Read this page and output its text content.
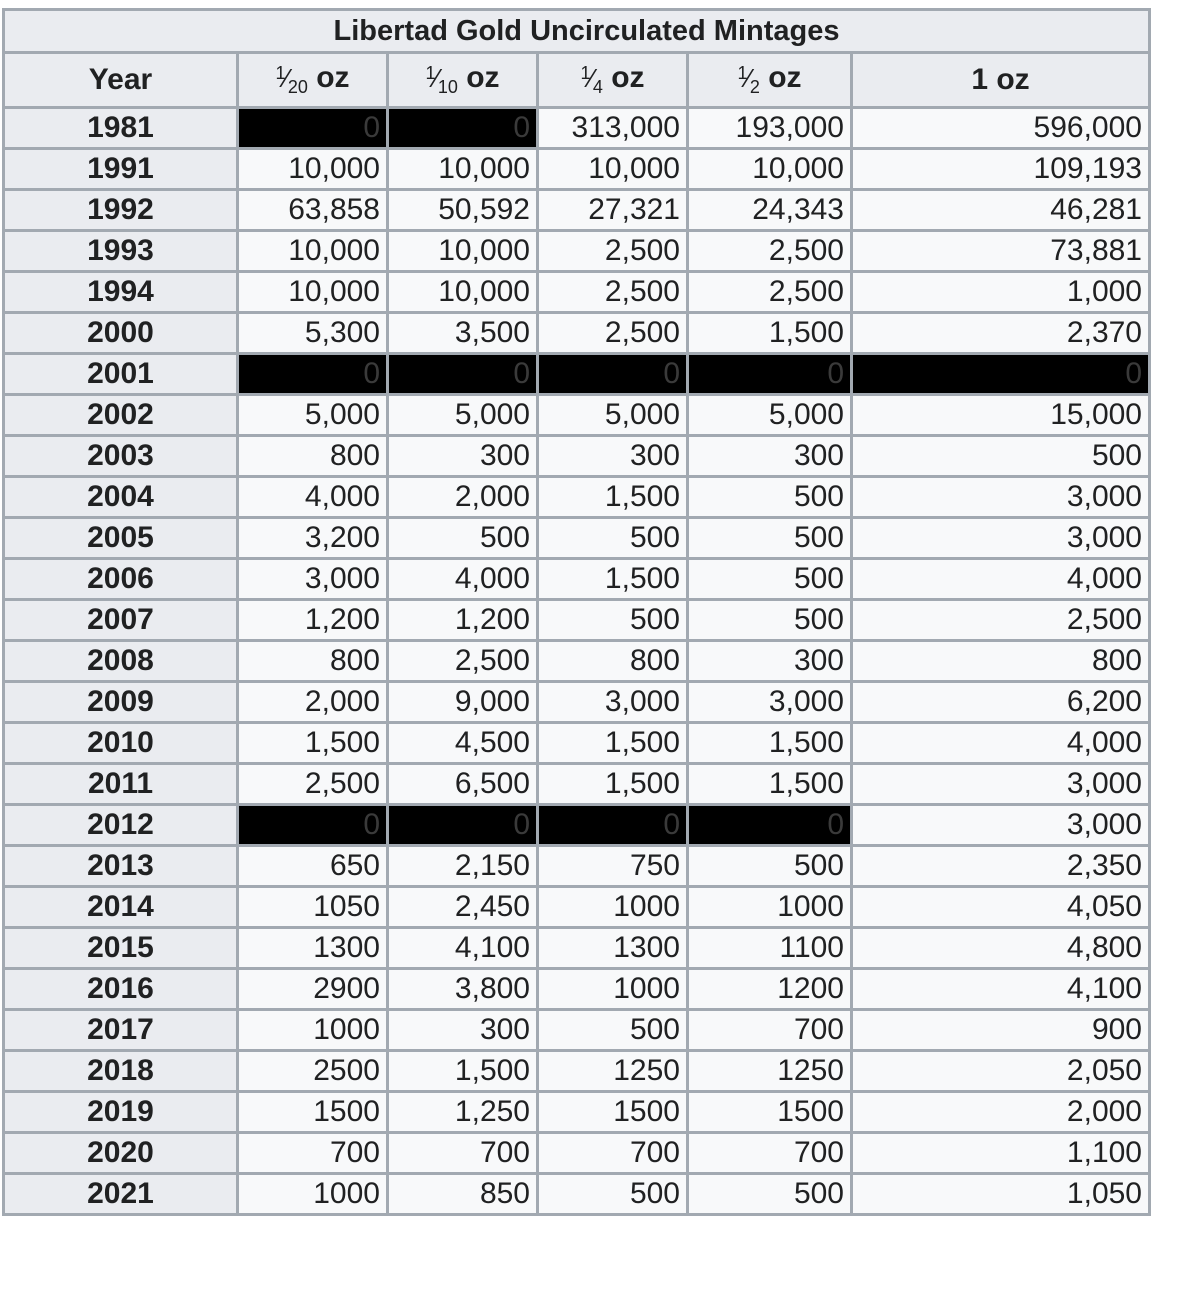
Libertad Gold Uncirculated Mintages					
Year	$^1⁄_{20}$ oz	$^1⁄_{10}$ oz	$^1⁄_4$ oz	$^1⁄_2$ oz	1 oz
1981	0	0	313,000	193,000	596,000
1991	10,000	10,000	10,000	10,000	109,193
1992	63,858	50,592	27,321	24,343	46,281
1993	10,000	10,000	2,500	2,500	73,881
1994	10,000	10,000	2,500	2,500	1,000
2000	5,300	3,500	2,500	1,500	2,370
2001	0	0	0	0	0
2002	5,000	5,000	5,000	5,000	15,000
2003	800	300	300	300	500
2004	4,000	2,000	1,500	500	3,000
2005	3,200	500	500	500	3,000
2006	3,000	4,000	1,500	500	4,000
2007	1,200	1,200	500	500	2,500
2008	800	2,500	800	300	800
2009	2,000	9,000	3,000	3,000	6,200
2010	1,500	4,500	1,500	1,500	4,000
2011	2,500	6,500	1,500	1,500	3,000
2012	0	0	0	0	3,000
2013	650	2,150	750	500	2,350
2014	1050	2,450	1000	1000	4,050
2015	1300	4,100	1300	1100	4,800
2016	2900	3,800	1000	1200	4,100
2017	1000	300	500	700	900
2018	2500	1,500	1250	1250	2,050
2019	1500	1,250	1500	1500	2,000
2020	700	700	700	700	1,100
2021	1000	850	500	500	1,050
